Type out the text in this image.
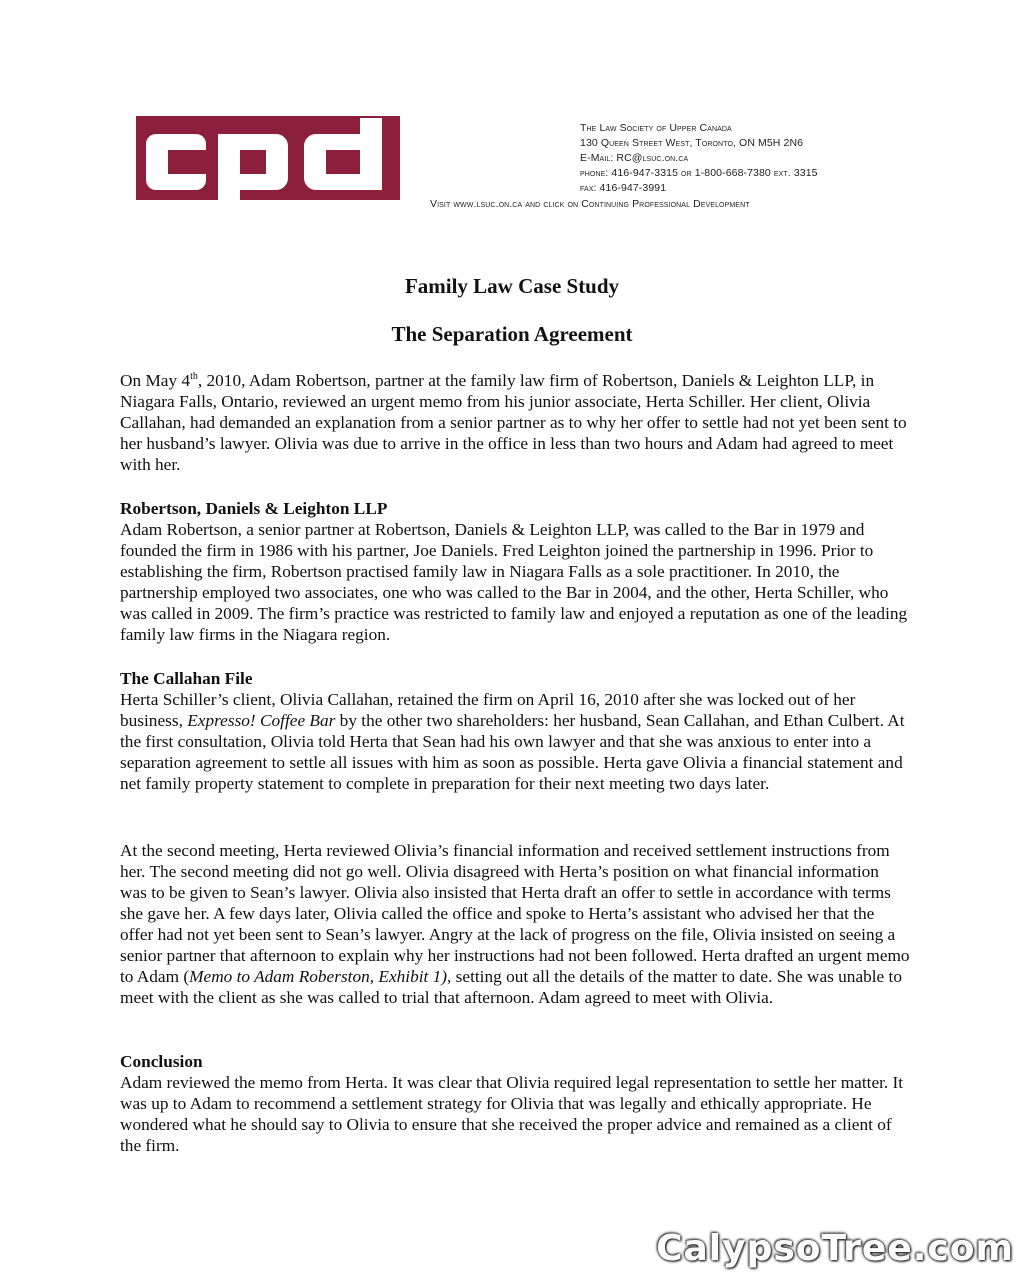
The Law Society of Upper Canada
130 Queen Street West, Toronto, ON M5H 2N6
E-Mail: RC@lsuc.on.ca
phone: 416-947-3315 or 1-800-668-7380 ext. 3315
fax: 416-947-3991
Visit www.lsuc.on.ca and click on Continuing Professional Development
Family Law Case Study
The Separation Agreement

On May 4th, 2010, Adam Robertson, partner at the family law firm of Robertson, Daniels & Leighton LLP, in Niagara Falls, Ontario, reviewed an urgent memo from his junior associate, Herta Schiller. Her client, Olivia Callahan, had demanded an explanation from a senior partner as to why her offer to settle had not yet been sent to her husband’s lawyer. Olivia was due to arrive in the office in less than two hours and Adam had agreed to meet with her.

Robertson, Daniels & Leighton LLP

Adam Robertson, a senior partner at Robertson, Daniels & Leighton LLP, was called to the Bar in 1979 and founded the firm in 1986 with his partner, Joe Daniels. Fred Leighton joined the partnership in 1996. Prior to establishing the firm, Robertson practised family law in Niagara Falls as a sole practitioner. In 2010, the partnership employed two associates, one who was called to the Bar in 2004, and the other, Herta Schiller, who was called in 2009. The firm’s practice was restricted to family law and enjoyed a reputation as one of the leading family law firms in the Niagara region.

The Callahan File

Herta Schiller’s client, Olivia Callahan, retained the firm on April 16, 2010 after she was locked out of her business, Expresso! Coffee Bar by the other two shareholders: her husband, Sean Callahan, and Ethan Culbert. At the first consultation, Olivia told Herta that Sean had his own lawyer and that she was anxious to enter into a separation agreement to settle all issues with him as soon as possible. Herta gave Olivia a financial statement and net family property statement to complete in preparation for their next meeting two days later.

At the second meeting, Herta reviewed Olivia’s financial information and received settlement instructions from her. The second meeting did not go well. Olivia disagreed with Herta’s position on what financial information was to be given to Sean’s lawyer. Olivia also insisted that Herta draft an offer to settle in accordance with terms she gave her. A few days later, Olivia called the office and spoke to Herta’s assistant who advised her that the offer had not yet been sent to Sean’s lawyer. Angry at the lack of progress on the file, Olivia insisted on seeing a senior partner that afternoon to explain why her instructions had not been followed. Herta drafted an urgent memo to Adam (Memo to Adam Roberston, Exhibit 1), setting out all the details of the matter to date. She was unable to meet with the client as she was called to trial that afternoon. Adam agreed to meet with Olivia.

Conclusion

Adam reviewed the memo from Herta. It was clear that Olivia required legal representation to settle her matter. It was up to Adam to recommend a settlement strategy for Olivia that was legally and ethically appropriate. He wondered what he should say to Olivia to ensure that she received the proper advice and remained as a client of the firm.

CalypsoTree.com
